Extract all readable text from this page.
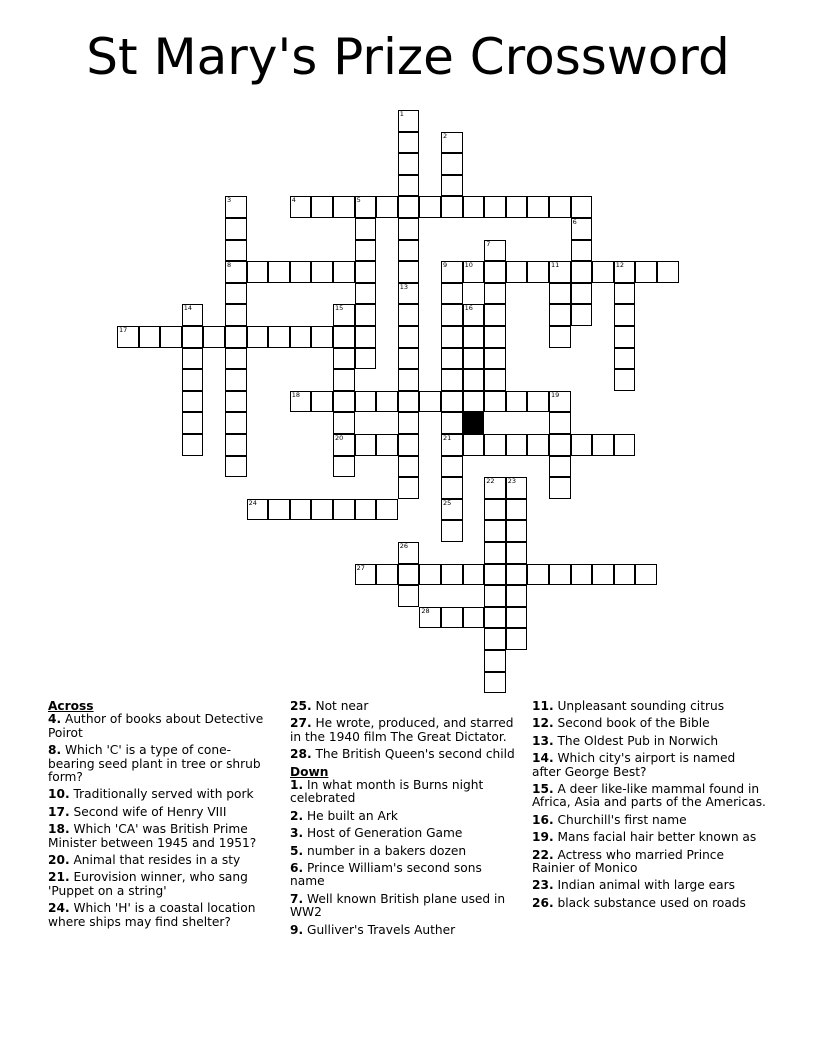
St Mary's Prize Crossword
4	5
8	10	11	12
17
18	19
20	21
24
27
28
1
13
2
3
6
7
9
25
14	15	16
22 23
26
Across
4. Author of books about Detective Poirot
8. Which 'C' is a type of cone-bearing seed plant in tree or shrub form?
10. Traditionally served with pork
17. Second wife of Henry VIII
18. Which 'CA' was British Prime Minister between 1945 and 1951?
20. Animal that resides in a sty
21. Eurovision winner, who sang 'Puppet on a string'
24. Which 'H' is a coastal location where ships may find shelter?
25. Not near
27. He wrote, produced, and starred in the 1940 film The Great Dictator.
28. The British Queen's second child
Down
1. In what month is Burns night celebrated
2. He built an Ark
3. Host of Generation Game
5. number in a bakers dozen
6. Prince William's second sons name
7. Well known British plane used in WW2
9. Gulliver's Travels Auther
11. Unpleasant sounding citrus
12. Second book of the Bible
13. The Oldest Pub in Norwich
14. Which city's airport is named after George Best?
15. A deer like-like mammal found in Africa, Asia and parts of the Americas.
16. Churchill's first name
19. Mans facial hair better known as
22. Actress who married Prince Rainier of Monico
23. Indian animal with large ears
26. black substance used on roads
